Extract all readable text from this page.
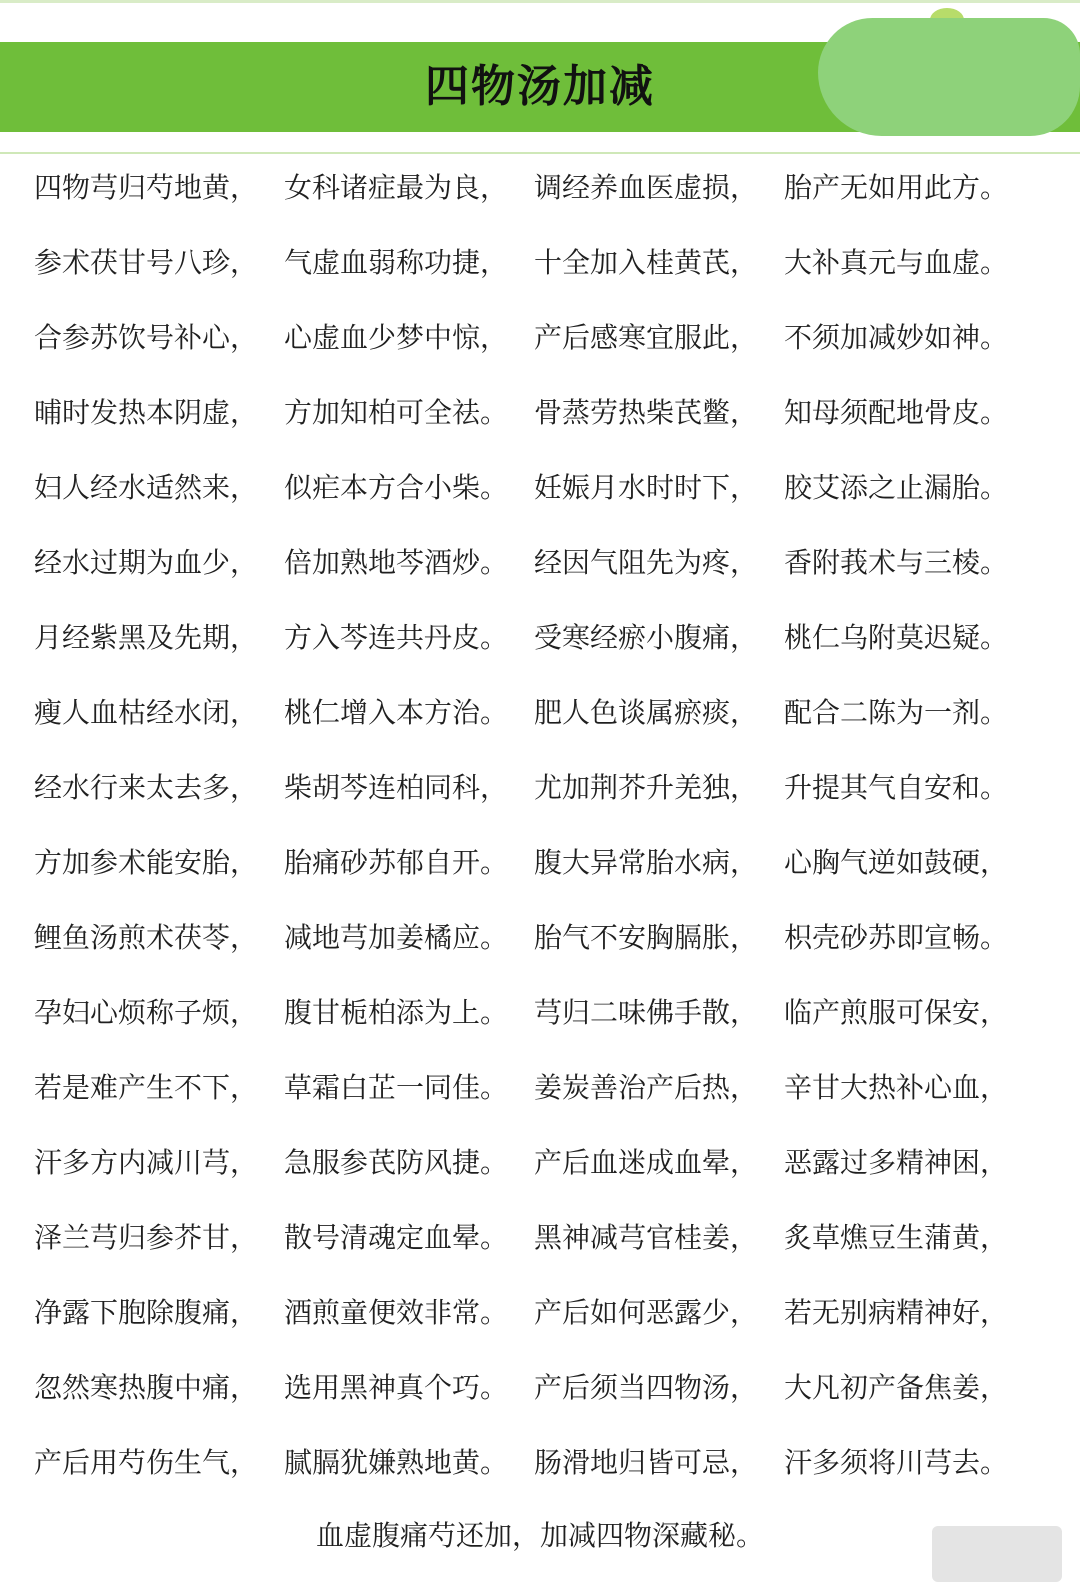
四物汤加减
四物芎归芍地黄， 女科诸症最为良， 调经养血医虚损， 胎产无如用此方。
参术茯甘号八珍， 气虚血弱称功捷， 十全加入桂黄芪， 大补真元与血虚。
合参苏饮号补心， 心虚血少梦中惊， 产后感寒宜服此， 不须加减妙如神。
晡时发热本阴虚， 方加知柏可全祛。 骨蒸劳热柴芪鳖， 知母须配地骨皮。
妇人经水适然来， 似疟本方合小柴。 妊娠月水时时下， 胶艾添之止漏胎。
经水过期为血少， 倍加熟地芩酒炒。 经因气阻先为疼， 香附莪术与三棱。
月经紫黑及先期， 方入芩连共丹皮。 受寒经瘀小腹痛， 桃仁乌附莫迟疑。
瘦人血枯经水闭， 桃仁增入本方治。 肥人色谈属瘀痰， 配合二陈为一剂。
经水行来太去多， 柴胡芩连柏同科， 尤加荆芥升羌独， 升提其气自安和。
方加参术能安胎， 胎痛砂苏郁自开。 腹大异常胎水病， 心胸气逆如鼓硬，
鲤鱼汤煎术茯苓， 减地芎加姜橘应。 胎气不安胸膈胀， 枳壳砂苏即宣畅。
孕妇心烦称子烦， 腹甘栀柏添为上。 芎归二味佛手散， 临产煎服可保安，
若是难产生不下， 草霜白芷一同佳。 姜炭善治产后热， 辛甘大热补心血，
汗多方内减川芎， 急服参芪防风捷。 产后血迷成血晕， 恶露过多精神困，
泽兰芎归参芥甘， 散号清魂定血晕。 黑神减芎官桂姜， 炙草燋豆生蒲黄，
净露下胞除腹痛， 酒煎童便效非常。 产后如何恶露少， 若无别病精神好，
忽然寒热腹中痛， 选用黑神真个巧。 产后须当四物汤， 大凡初产备焦姜，
产后用芍伤生气， 腻膈犹嫌熟地黄。 肠滑地归皆可忌， 汗多须将川芎去。
血虚腹痛芍还加，加减四物深藏秘。
